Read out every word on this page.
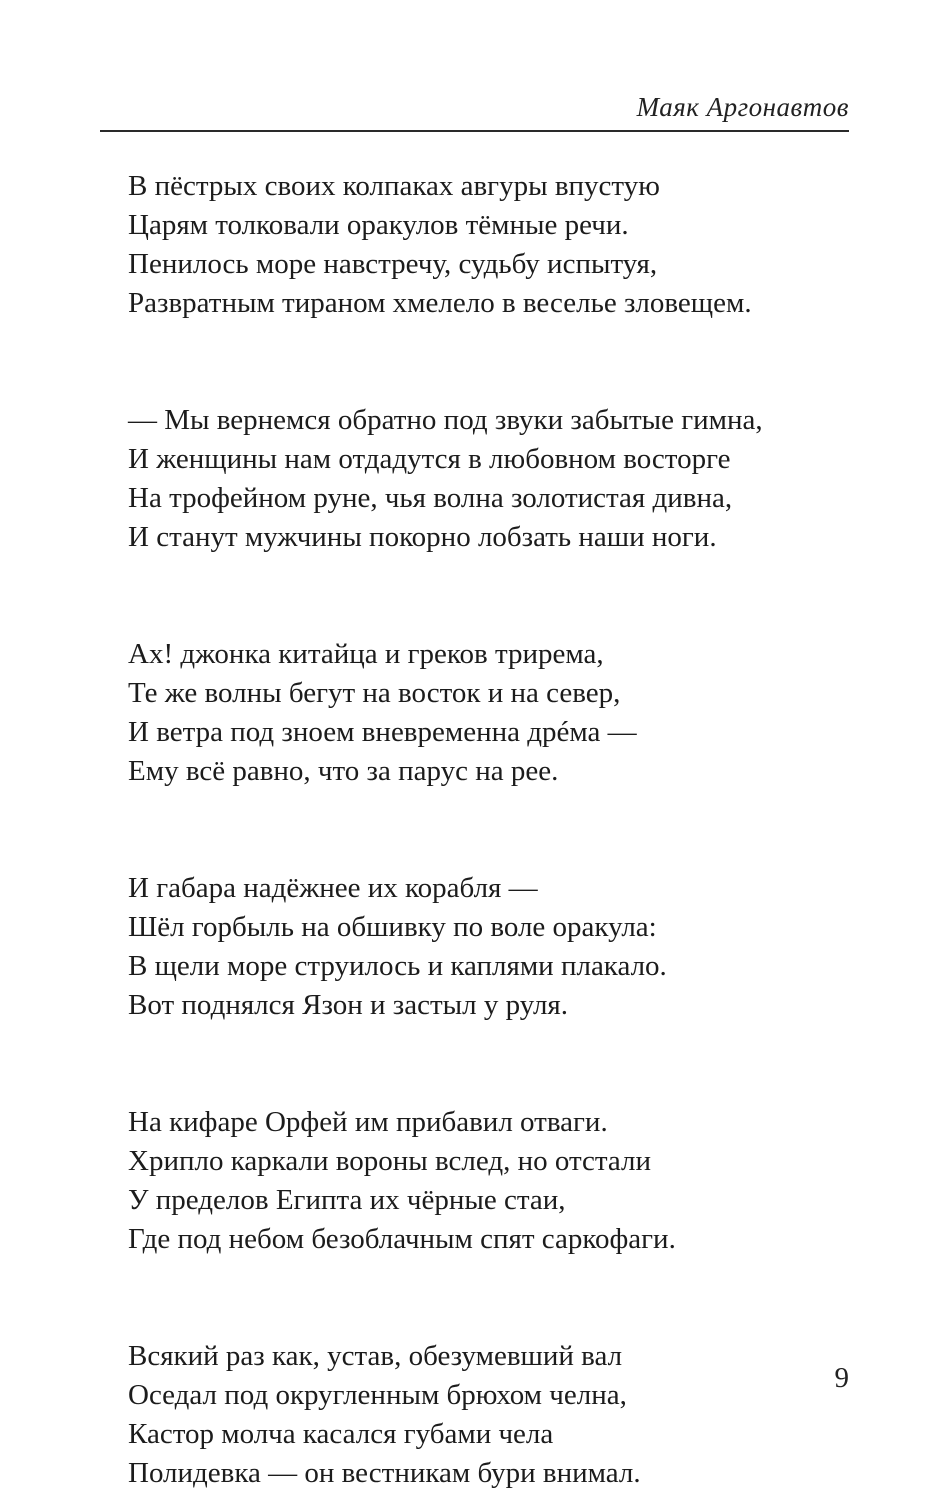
Маяк Аргонавтов
В пёстрых своих колпаках авгуры впустую
Царям толковали оракулов тёмные речи.
Пенилось море навстречу, судьбу испытуя,
Развратным тираном хмелело в веселье зловещем.
— Мы вернемся обратно под звуки забытые гимна,
И женщины нам отдадутся в любовном восторге
На трофейном руне, чья волна золотистая дивна,
И станут мужчины покорно лобзать наши ноги.
Ах! джонка китайца и греков трирема,
Те же волны бегут на восток и на север,
И ветра под зноем вневременна дрéма —
Ему всё равно, что за парус на рее.
И габара надёжнее их корабля —
Шёл горбыль на обшивку по воле оракула:
В щели море струилось и каплями плакало.
Вот поднялся Язон и застыл у руля.
На кифаре Орфей им прибавил отваги.
Хрипло каркали вороны вслед, но отстали
У пределов Египта их чёрные стаи,
Где под небом безоблачным спят саркофаги.
Всякий раз как, устав, обезумевший вал
Оседал под округленным брюхом челна,
Кастор молча касался губами чела
Полидевка — он вестникам бури внимал.
9
